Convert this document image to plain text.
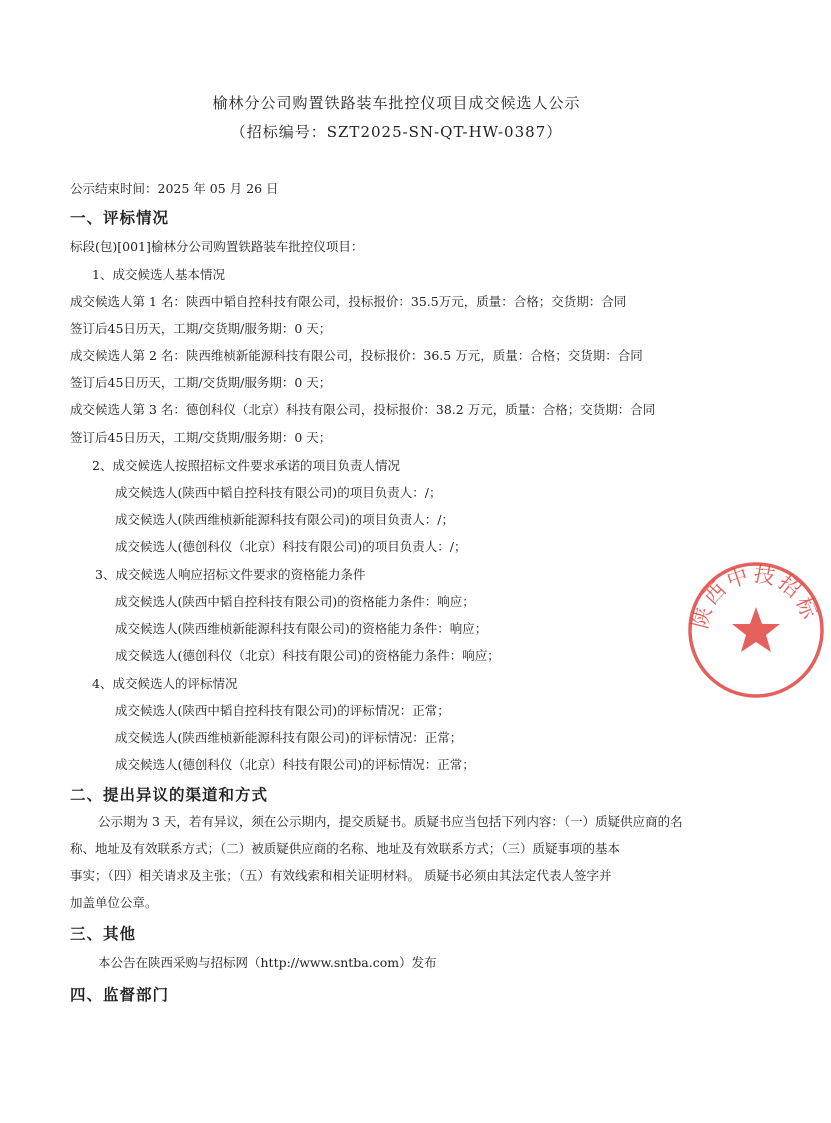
榆林分公司购置铁路装车批控仪项目成交候选人公示
（招标编号：SZT2025-SN-QT-HW-0387）
公示结束时间：2025 年 05 月 26 日
一、评标情况
标段(包)[001]榆林分公司购置铁路装车批控仪项目：
1、成交候选人基本情况
成交候选人第 1 名：陕西中韬自控科技有限公司，投标报价：35.5万元，质量：合格；交货期：合同
签订后45日历天，工期/交货期/服务期：0 天；
成交候选人第 2 名：陕西维桢新能源科技有限公司，投标报价：36.5 万元，质量：合格；交货期：合同
签订后45日历天，工期/交货期/服务期：0 天；
成交候选人第 3 名：德创科仪（北京）科技有限公司，投标报价：38.2 万元，质量：合格；交货期：合同
签订后45日历天，工期/交货期/服务期：0 天；
2、成交候选人按照招标文件要求承诺的项目负责人情况
成交候选人(陕西中韬自控科技有限公司)的项目负责人：/；
成交候选人(陕西维桢新能源科技有限公司)的项目负责人：/；
成交候选人(德创科仪（北京）科技有限公司)的项目负责人：/；
3、成交候选人响应招标文件要求的资格能力条件
成交候选人(陕西中韬自控科技有限公司)的资格能力条件：响应；
成交候选人(陕西维桢新能源科技有限公司)的资格能力条件：响应；
成交候选人(德创科仪（北京）科技有限公司)的资格能力条件：响应；
4、成交候选人的评标情况
成交候选人(陕西中韬自控科技有限公司)的评标情况：正常；
成交候选人(陕西维桢新能源科技有限公司)的评标情况：正常；
成交候选人(德创科仪（北京）科技有限公司)的评标情况：正常；
二、提出异议的渠道和方式
公示期为 3 天，若有异议，须在公示期内，提交质疑书。质疑书应当包括下列内容：（一）质疑供应商的名
称、地址及有效联系方式；（二）被质疑供应商的名称、地址及有效联系方式；（三）质疑事项的基本
事实；（四）相关请求及主张；（五）有效线索和相关证明材料。 质疑书必须由其法定代表人签字并
加盖单位公章。
三、其他
本公告在陕西采购与招标网（http://www.sntba.com）发布
四、监督部门
陕西中技招标
